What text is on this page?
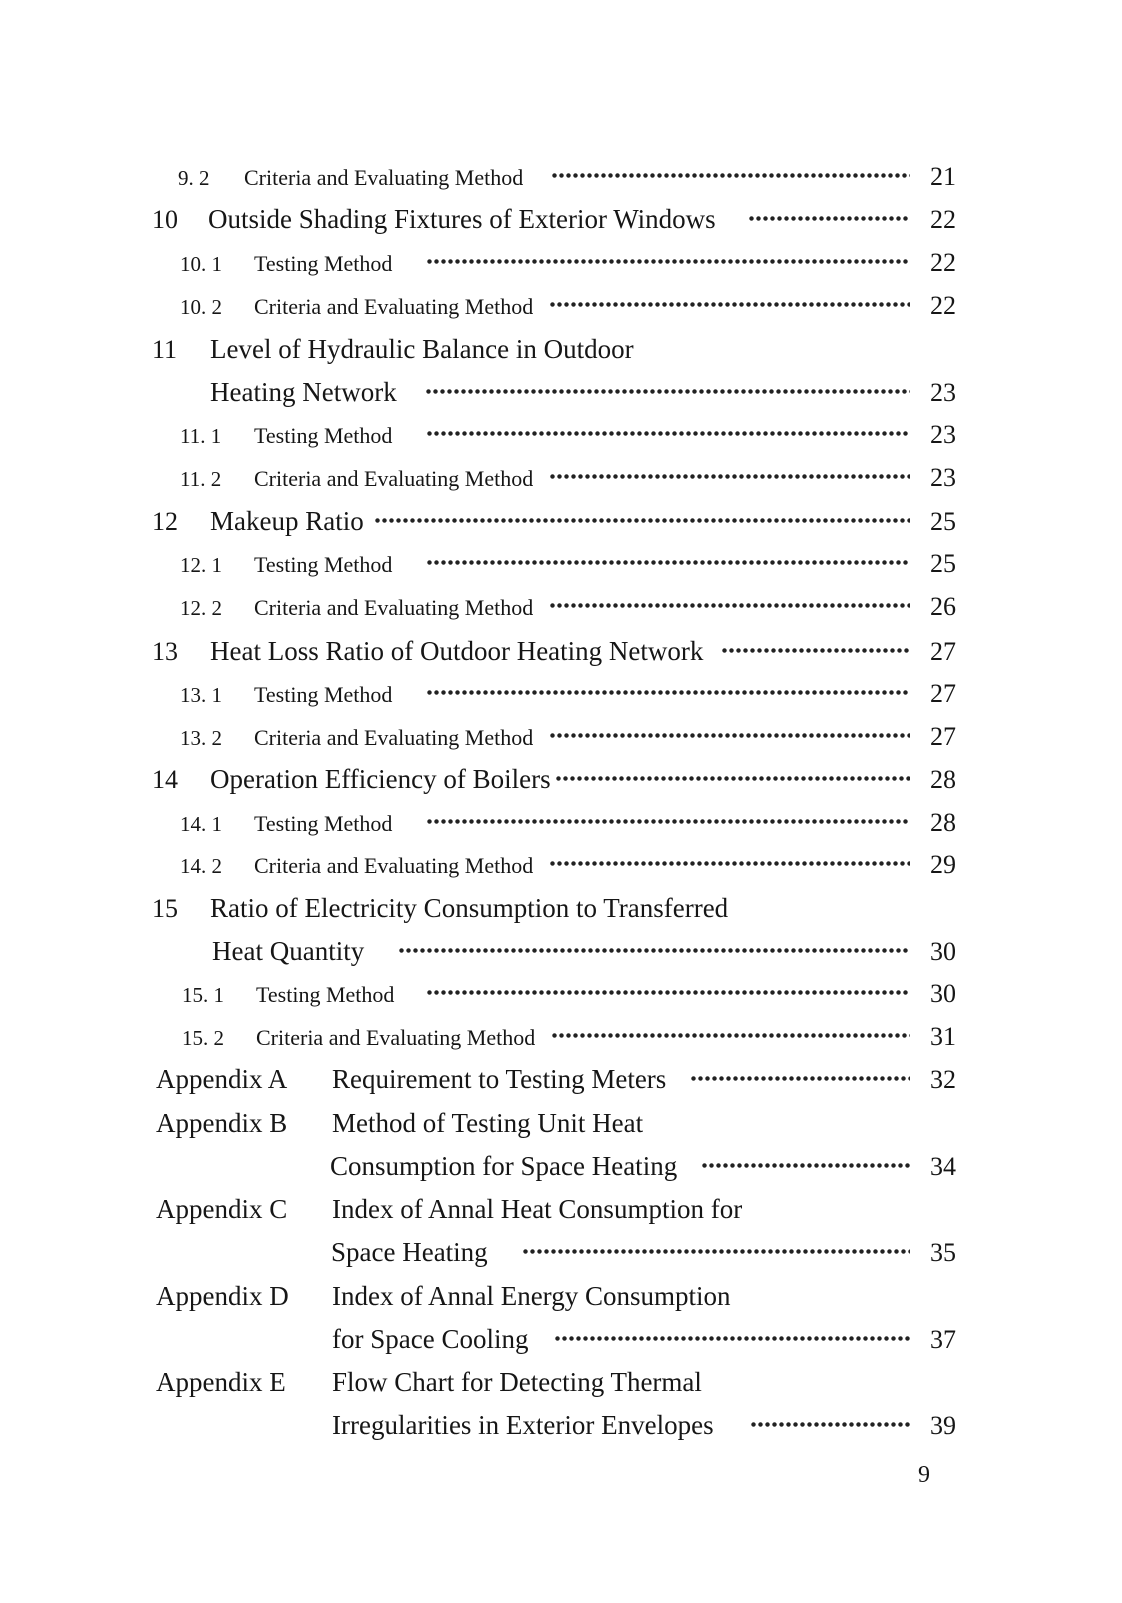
9. 2	Criteria and Evaluating Method	21
10	Outside Shading Fixtures of Exterior Windows	22
10. 1	Testing Method	22
10. 2	Criteria and Evaluating Method	22
11	Level of Hydraulic Balance in Outdoor
Heating Network	23
11. 1	Testing Method	23
11. 2	Criteria and Evaluating Method	23
12	Makeup Ratio	25
12. 1	Testing Method	25
12. 2	Criteria and Evaluating Method	26
13	Heat Loss Ratio of Outdoor Heating Network	27
13. 1	Testing Method	27
13. 2	Criteria and Evaluating Method	27
14	Operation Efficiency of Boilers	28
14. 1	Testing Method	28
14. 2	Criteria and Evaluating Method	29
15	Ratio of Electricity Consumption to Transferred
Heat Quantity	30
15. 1	Testing Method	30
15. 2	Criteria and Evaluating Method	31
Appendix A	Requirement to Testing Meters	32
Appendix B	Method of Testing Unit Heat
Consumption for Space Heating	34
Appendix C	Index of Annal Heat Consumption for
Space Heating	35
Appendix D	Index of Annal Energy Consumption
for Space Cooling	37
Appendix E	Flow Chart for Detecting Thermal
Irregularities in Exterior Envelopes	39
9
